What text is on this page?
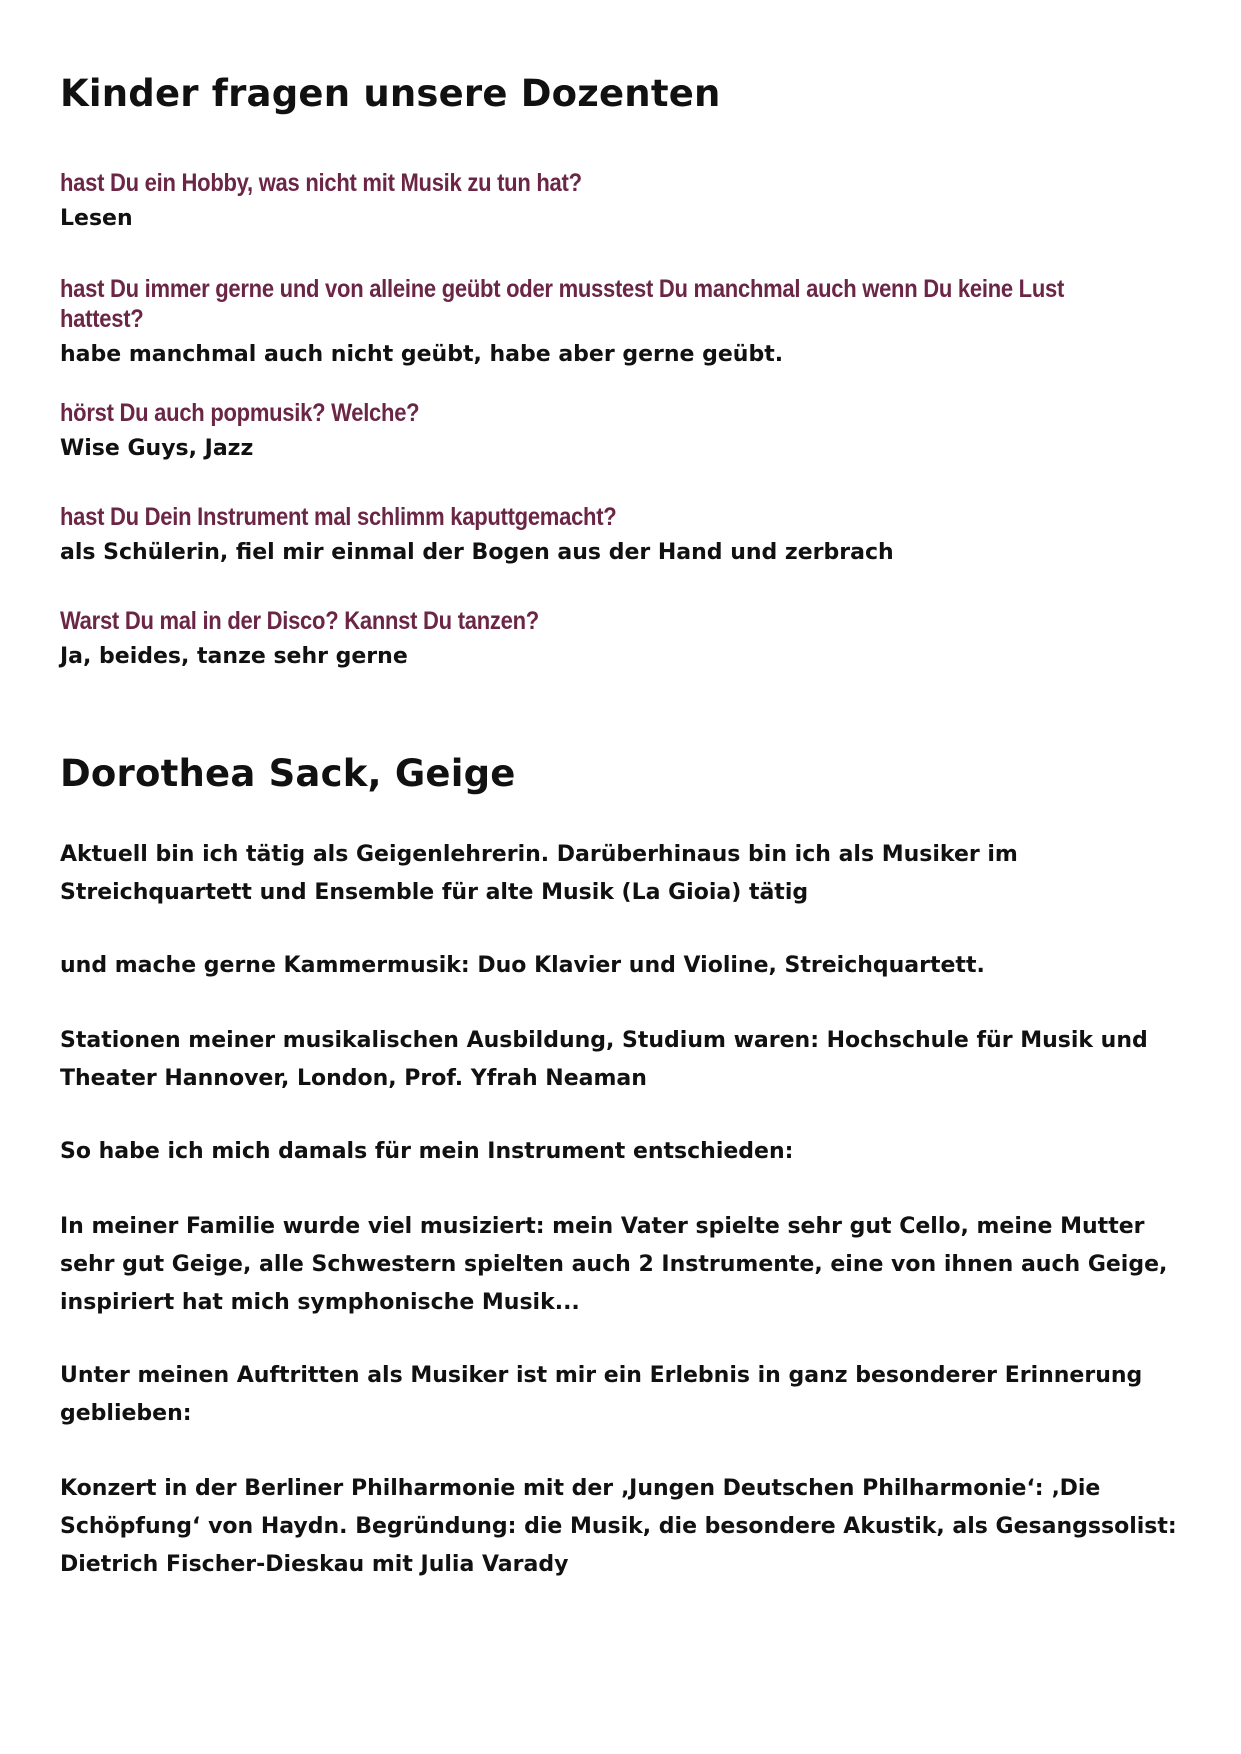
Kinder fragen unsere Dozenten

hast Du ein Hobby, was nicht mit Musik zu tun hat?

Lesen

hast Du immer gerne und von alleine geübt oder musstest Du manchmal auch wenn Du keine Lust hattest?

habe manchmal auch nicht geübt, habe aber gerne geübt.

hörst Du auch popmusik? Welche?

Wise Guys, Jazz

hast Du Dein Instrument mal schlimm kaputtgemacht?

als Schülerin, fiel mir einmal der Bogen aus der Hand und zerbrach

Warst Du mal in der Disco? Kannst Du tanzen?

Ja, beides, tanze sehr gerne

Dorothea Sack, Geige

Aktuell bin ich tätig als Geigenlehrerin. Darüberhinaus bin ich als Musiker im Streichquartett und Ensemble für alte Musik (La Gioia) tätig

und mache gerne Kammermusik: Duo Klavier und Violine, Streichquartett.

Stationen meiner musikalischen Ausbildung, Studium waren: Hochschule für Musik und Theater Hannover, London, Prof. Yfrah Neaman

So habe ich mich damals für mein Instrument entschieden:

In meiner Familie wurde viel musiziert: mein Vater spielte sehr gut Cello, meine Mutter sehr gut Geige, alle Schwestern spielten auch 2 Instrumente, eine von ihnen auch Geige, inspiriert hat mich symphonische Musik...

Unter meinen Auftritten als Musiker ist mir ein Erlebnis in ganz besonderer Erinnerung geblieben:

Konzert in der Berliner Philharmonie mit der ‚Jungen Deutschen Philharmonie‘: ‚Die Schöpfung‘ von Haydn. Begründung: die Musik, die besondere Akustik, als Gesangssolist: Dietrich Fischer-Dieskau mit Julia Varady
